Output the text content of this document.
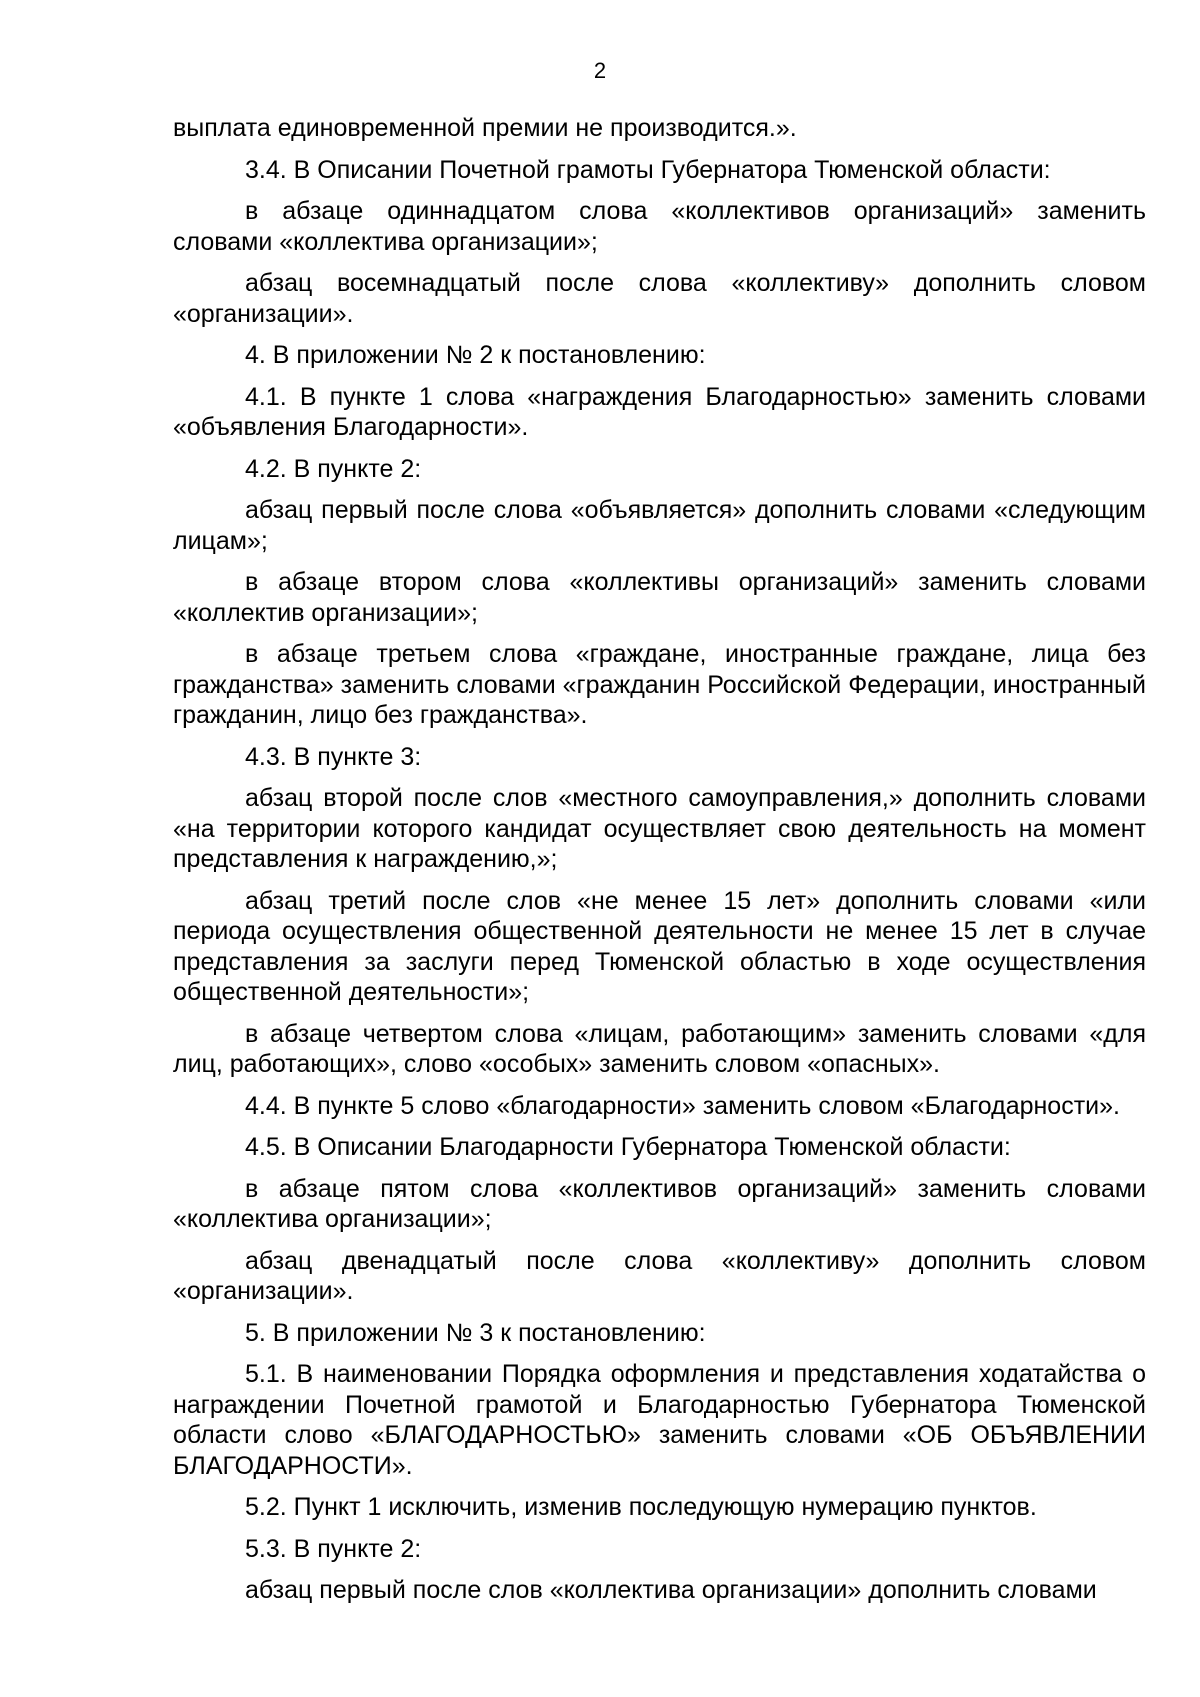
2

выплата единовременной премии не производится.».

3.4. В Описании Почетной грамоты Губернатора Тюменской области:

в абзаце одиннадцатом слова «коллективов организаций» заменить словами «коллектива организации»;

абзац восемнадцатый после слова «коллективу» дополнить словом «организации».

4. В приложении № 2 к постановлению:

4.1. В пункте 1 слова «награждения Благодарностью» заменить словами «объявления Благодарности».

4.2. В пункте 2:

абзац первый после слова «объявляется» дополнить словами «следующим лицам»;

в абзаце втором слова «коллективы организаций» заменить словами «коллектив организации»;

в абзаце третьем слова «граждане, иностранные граждане, лица без гражданства» заменить словами «гражданин Российской Федерации, иностранный гражданин, лицо без гражданства».

4.3. В пункте 3:

абзац второй после слов «местного самоуправления,» дополнить словами «на территории которого кандидат осуществляет свою деятельность на момент представления к награждению,»;

абзац третий после слов «не менее 15 лет» дополнить словами «или периода осуществления общественной деятельности не менее 15 лет в случае представления за заслуги перед Тюменской областью в ходе осуществления общественной деятельности»;

в абзаце четвертом слова «лицам, работающим» заменить словами «для лиц, работающих», слово «особых» заменить словом «опасных».

4.4. В пункте 5 слово «благодарности» заменить словом «Благодарности».

4.5. В Описании Благодарности Губернатора Тюменской области:

в абзаце пятом слова «коллективов организаций» заменить словами «коллектива организации»;

абзац двенадцатый после слова «коллективу» дополнить словом «организации».

5. В приложении № 3 к постановлению:

5.1. В наименовании Порядка оформления и представления ходатайства о награждении Почетной грамотой и Благодарностью Губернатора Тюменской области слово «БЛАГОДАРНОСТЬЮ» заменить словами «ОБ ОБЪЯВЛЕНИИ БЛАГОДАРНОСТИ».

5.2. Пункт 1 исключить, изменив последующую нумерацию пунктов.

5.3. В пункте 2:

абзац первый после слов «коллектива организации» дополнить словами
